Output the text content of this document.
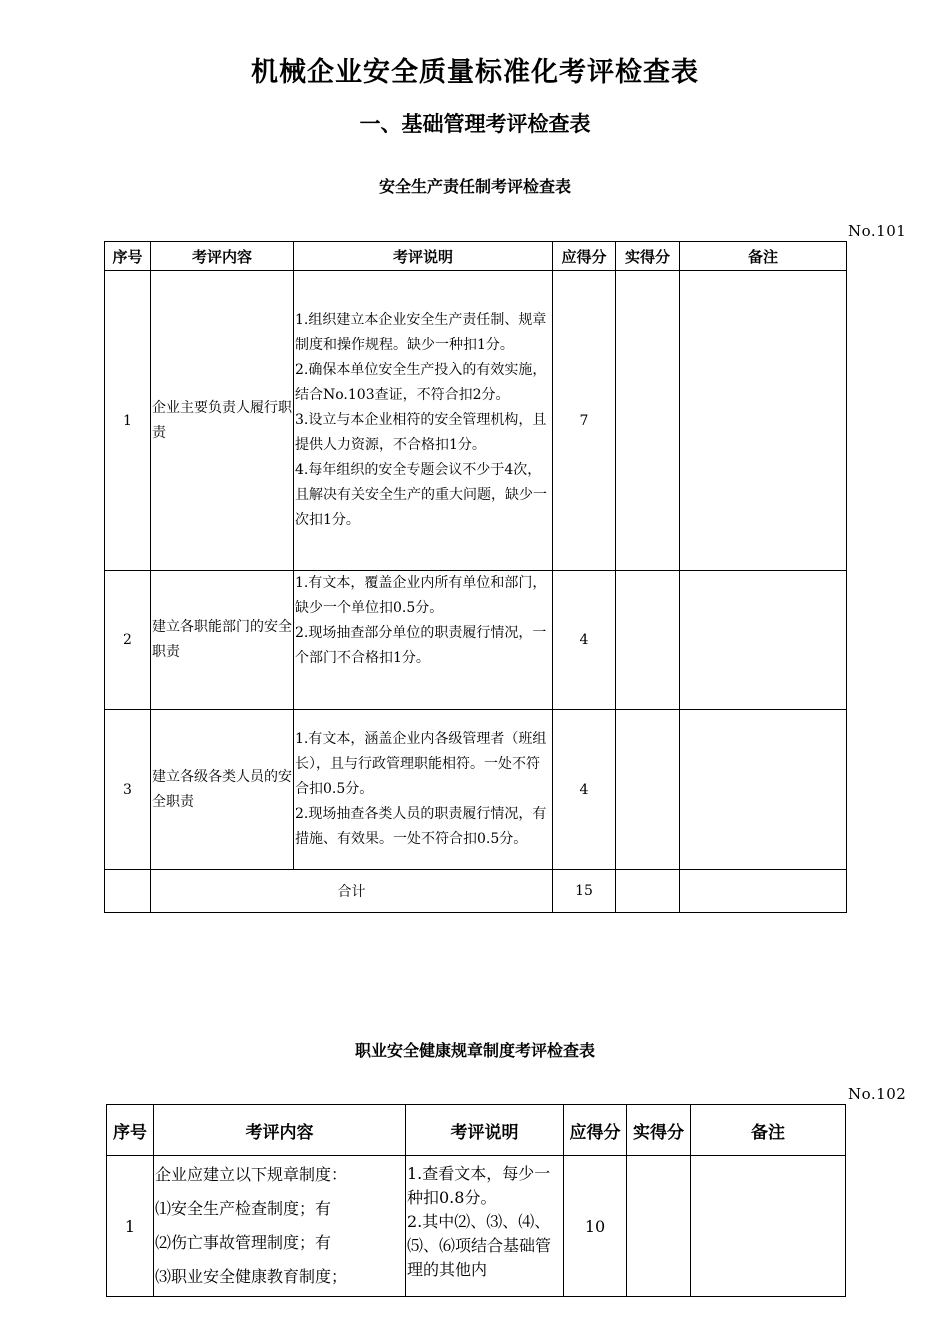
机械企业安全质量标准化考评检查表
一、基础管理考评检查表
安全生产责任制考评检查表
No.101
序号	考评内容	考评说明	应得分	实得分	备注
1	企业主要负责人履行职责	1.组织建立本企业安全生产责任制、规章制度和操作规程。缺少一种扣1分。
2.确保本单位安全生产投入的有效实施，结合No.103查证，不符合扣2分。
3.设立与本企业相符的安全管理机构，且提供人力资源，不合格扣1分。
4.每年组织的安全专题会议不少于4次，且解决有关安全生产的重大问题，缺少一次扣1分。	7		
2	建立各职能部门的安全职责	1.有文本，覆盖企业内所有单位和部门，缺少一个单位扣0.5分。
2.现场抽查部分单位的职责履行情况，一个部门不合格扣1分。	4		
3	建立各级各类人员的安全职责	1.有文本，涵盖企业内各级管理者（班组长），且与行政管理职能相符。一处不符合扣0.5分。
2.现场抽查各类人员的职责履行情况，有措施、有效果。一处不符合扣0.5分。	4		
	合计		15		
职业安全健康规章制度考评检查表
No.102
序号	考评内容	考评说明	应得分	实得分	备注
1	企业应建立以下规章制度：
⑴安全生产检查制度；有
⑵伤亡事故管理制度；有
⑶职业安全健康教育制度；	1.查看文本，每少一种扣0.8分。
2.其中⑵、⑶、⑷、⑸、⑹项结合基础管理的其他内	10		
